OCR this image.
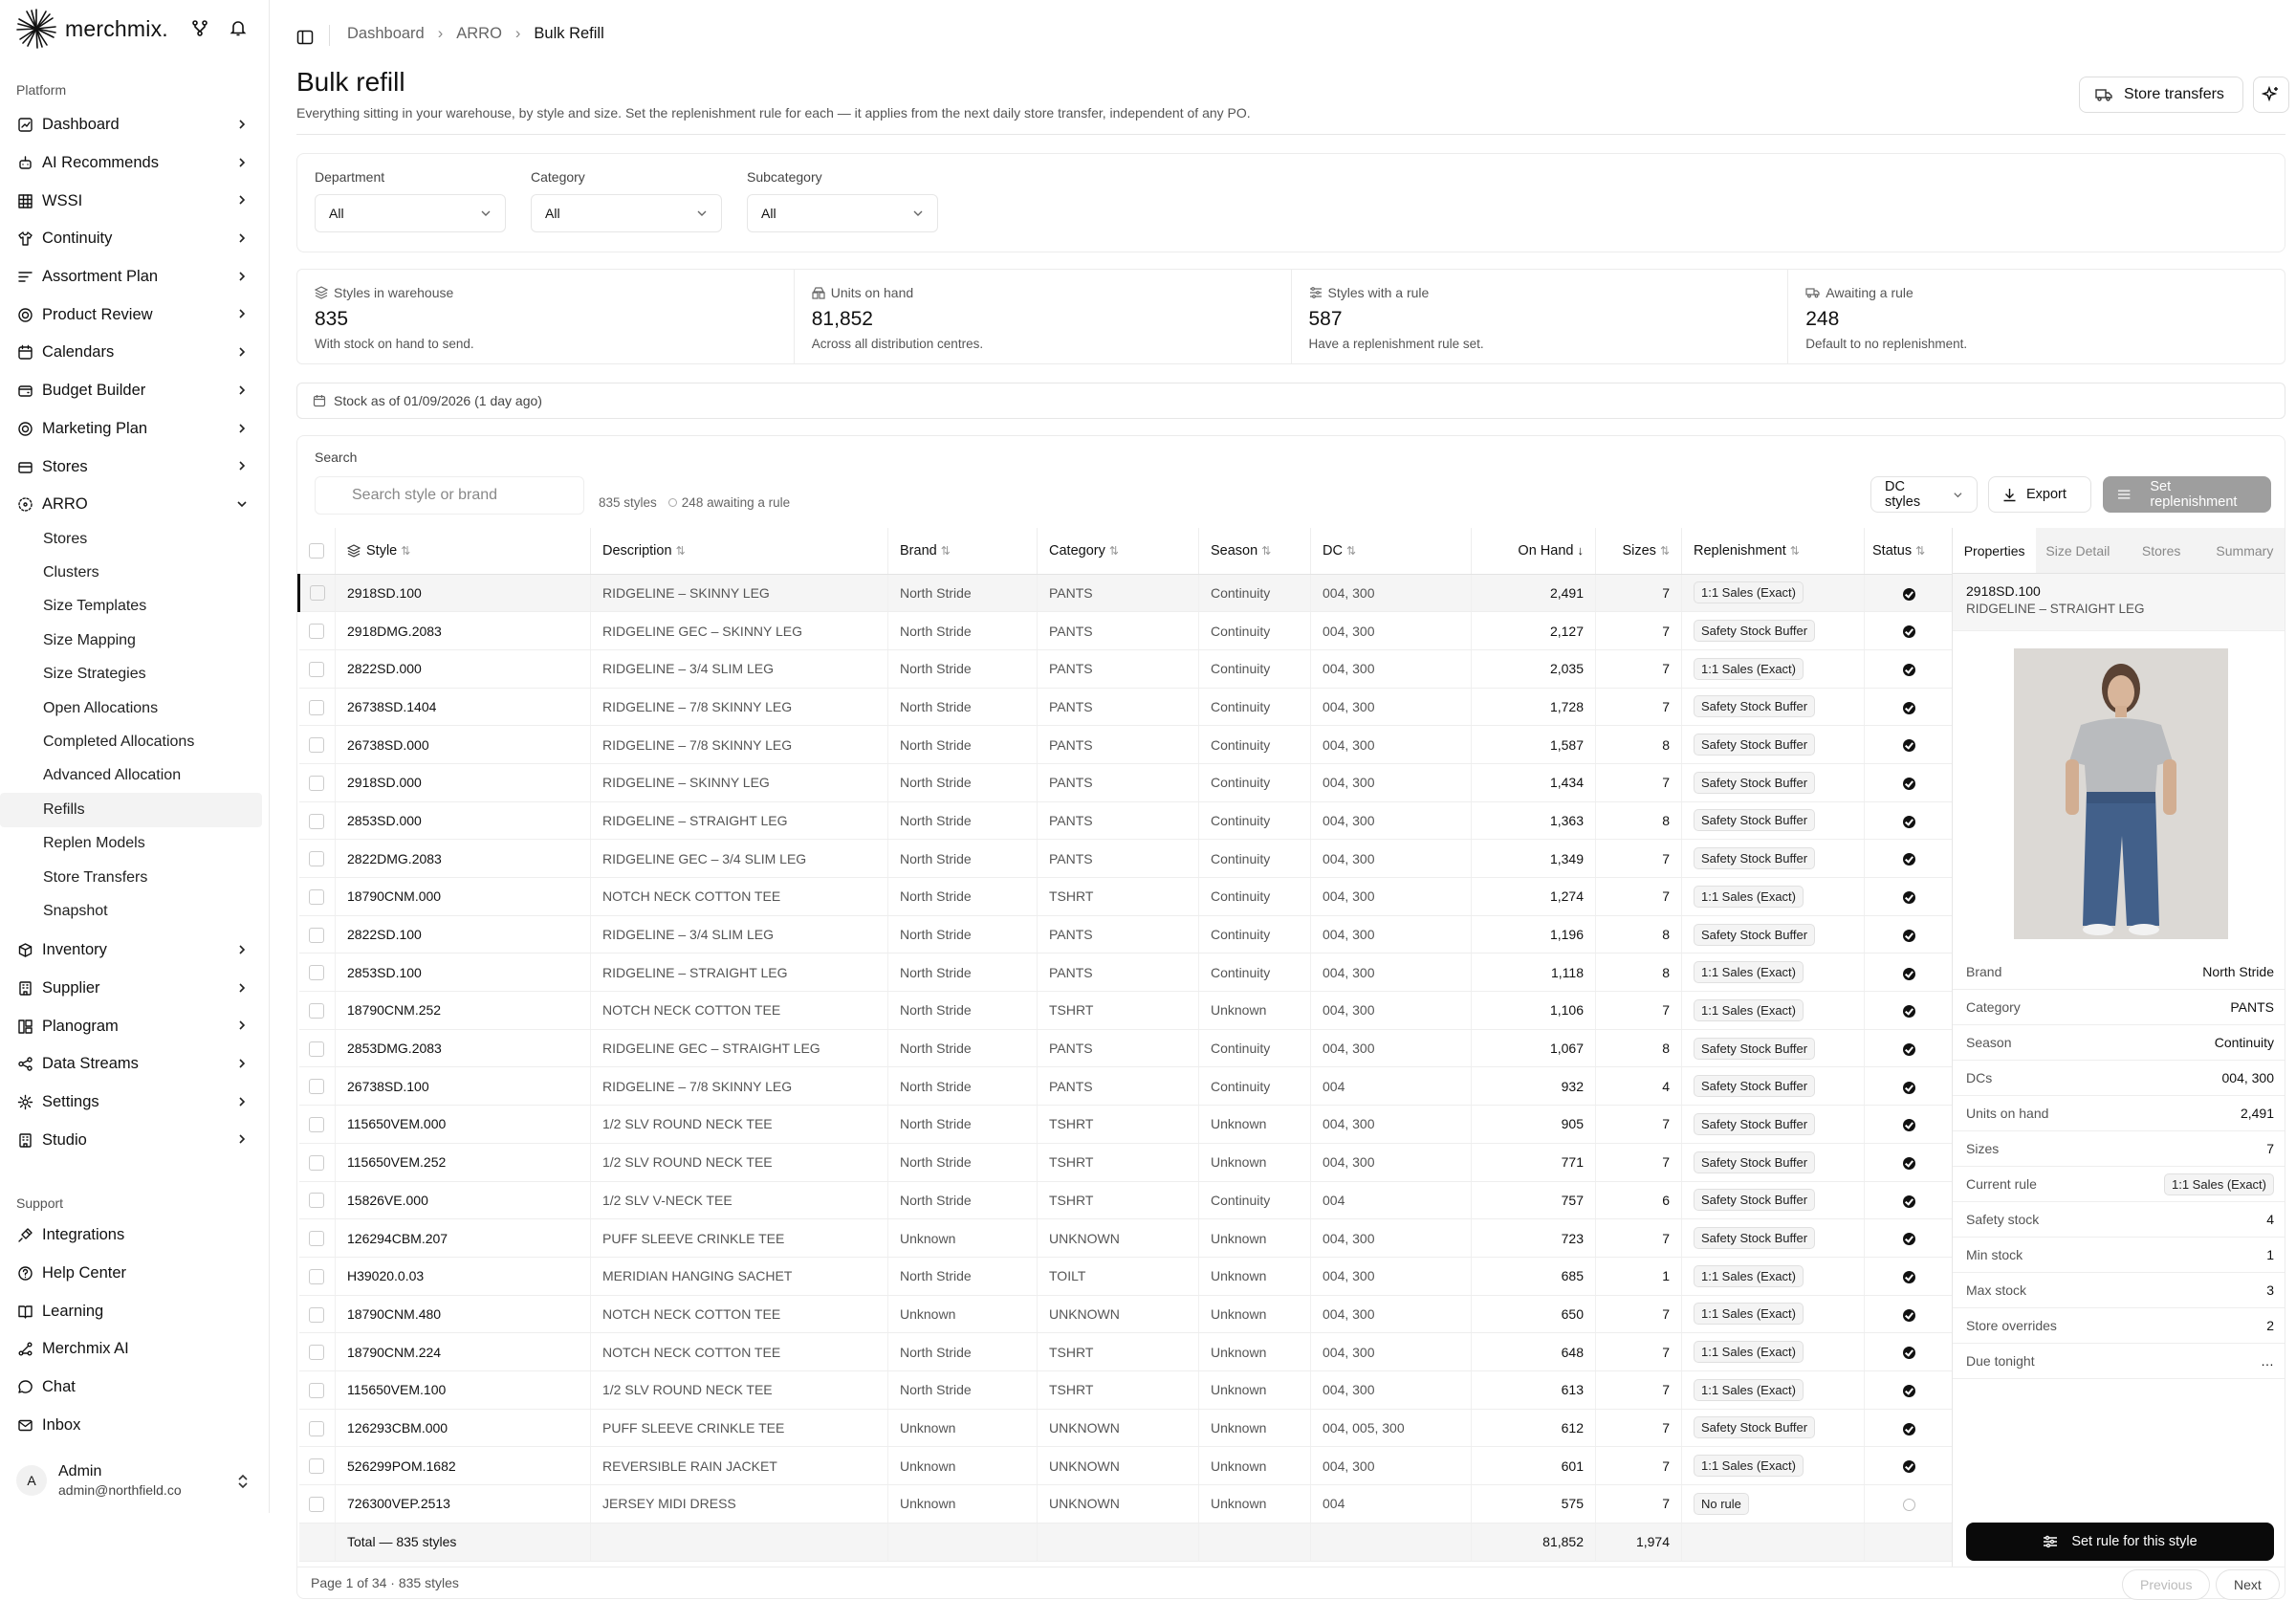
merchmix.
Platform
Dashboard
AI Recommends
WSSI
Continuity
Assortment Plan
Product Review
Calendars
Budget Builder
Marketing Plan
Stores
ARRO
Stores
Clusters
Size Templates
Size Mapping
Size Strategies
Open Allocations
Completed Allocations
Advanced Allocation
Refills
Replen Models
Store Transfers
Snapshot
Inventory
Supplier
Planogram
Data Streams
Settings
Studio
Support
Integrations
Help Center
Learning
Merchmix AI
Chat
Inbox
A
Admin
admin@northfield.co
Dashboard › ARRO › Bulk Refill
Bulk refill
Everything sitting in your warehouse, by style and size. Set the replenishment rule for each — it applies from the next daily store transfer, independent of any PO.
Store transfers
Department
All
Category
All
Subcategory
All
Styles in warehouse
835
With stock on hand to send.
Units on hand
81,852
Across all distribution centres.
Styles with a rule
587
Have a replenishment rule set.
Awaiting a rule
248
Default to no replenishment.
Stock as of 01/09/2026 (1 day ago)
Search
Search style or brand	835 styles 248 awaiting a rule
DC styles	Export	Set replenishment
	Style ⇅	Description ⇅	Brand ⇅	Category ⇅	Season ⇅	DC ⇅	On Hand ↓	Sizes ⇅	Replenishment ⇅	Status ⇅
	2918SD.100	RIDGELINE – SKINNY LEG	North Stride	PANTS	Continuity	004, 300	2,491	7	1:1 Sales (Exact)	
	2918DMG.2083	RIDGELINE GEC – SKINNY LEG	North Stride	PANTS	Continuity	004, 300	2,127	7	Safety Stock Buffer	
	2822SD.000	RIDGELINE – 3/4 SLIM LEG	North Stride	PANTS	Continuity	004, 300	2,035	7	1:1 Sales (Exact)	
	26738SD.1404	RIDGELINE – 7/8 SKINNY LEG	North Stride	PANTS	Continuity	004, 300	1,728	7	Safety Stock Buffer	
	26738SD.000	RIDGELINE – 7/8 SKINNY LEG	North Stride	PANTS	Continuity	004, 300	1,587	8	Safety Stock Buffer	
	2918SD.000	RIDGELINE – SKINNY LEG	North Stride	PANTS	Continuity	004, 300	1,434	7	Safety Stock Buffer	
	2853SD.000	RIDGELINE – STRAIGHT LEG	North Stride	PANTS	Continuity	004, 300	1,363	8	Safety Stock Buffer	
	2822DMG.2083	RIDGELINE GEC – 3/4 SLIM LEG	North Stride	PANTS	Continuity	004, 300	1,349	7	Safety Stock Buffer	
	18790CNM.000	NOTCH NECK COTTON TEE	North Stride	TSHRT	Continuity	004, 300	1,274	7	1:1 Sales (Exact)	
	2822SD.100	RIDGELINE – 3/4 SLIM LEG	North Stride	PANTS	Continuity	004, 300	1,196	8	Safety Stock Buffer	
	2853SD.100	RIDGELINE – STRAIGHT LEG	North Stride	PANTS	Continuity	004, 300	1,118	8	1:1 Sales (Exact)	
	18790CNM.252	NOTCH NECK COTTON TEE	North Stride	TSHRT	Unknown	004, 300	1,106	7	1:1 Sales (Exact)	
	2853DMG.2083	RIDGELINE GEC – STRAIGHT LEG	North Stride	PANTS	Continuity	004, 300	1,067	8	Safety Stock Buffer	
	26738SD.100	RIDGELINE – 7/8 SKINNY LEG	North Stride	PANTS	Continuity	004	932	4	Safety Stock Buffer	
	115650VEM.000	1/2 SLV ROUND NECK TEE	North Stride	TSHRT	Unknown	004, 300	905	7	Safety Stock Buffer	
	115650VEM.252	1/2 SLV ROUND NECK TEE	North Stride	TSHRT	Unknown	004, 300	771	7	Safety Stock Buffer	
	15826VE.000	1/2 SLV V-NECK TEE	North Stride	TSHRT	Continuity	004	757	6	Safety Stock Buffer	
	126294CBM.207	PUFF SLEEVE CRINKLE TEE	Unknown	UNKNOWN	Unknown	004, 300	723	7	Safety Stock Buffer	
	H39020.0.03	MERIDIAN HANGING SACHET	North Stride	TOILT	Unknown	004, 300	685	1	1:1 Sales (Exact)	
	18790CNM.480	NOTCH NECK COTTON TEE	Unknown	UNKNOWN	Unknown	004, 300	650	7	1:1 Sales (Exact)	
	18790CNM.224	NOTCH NECK COTTON TEE	North Stride	TSHRT	Unknown	004, 300	648	7	1:1 Sales (Exact)	
	115650VEM.100	1/2 SLV ROUND NECK TEE	North Stride	TSHRT	Unknown	004, 300	613	7	1:1 Sales (Exact)	
	126293CBM.000	PUFF SLEEVE CRINKLE TEE	Unknown	UNKNOWN	Unknown	004, 005, 300	612	7	Safety Stock Buffer	
	526299POM.1682	REVERSIBLE RAIN JACKET	Unknown	UNKNOWN	Unknown	004, 300	601	7	1:1 Sales (Exact)	
	726300VEP.2513	JERSEY MIDI DRESS	Unknown	UNKNOWN	Unknown	004	575	7	No rule	
	Total — 835 styles						81,852	1,974		
Properties	Size Detail	Stores	Summary
2918SD.100
RIDGELINE – STRAIGHT LEG
Brand	North Stride
Category	PANTS
Season	Continuity
DCs	004, 300
Units on hand	2,491
Sizes	7
Current rule	1:1 Sales (Exact)
Safety stock	4
Min stock	1
Max stock	3
Store overrides	2
Due tonight	…
Set rule for this style
Page 1 of 34 · 835 styles	Previous	Next
